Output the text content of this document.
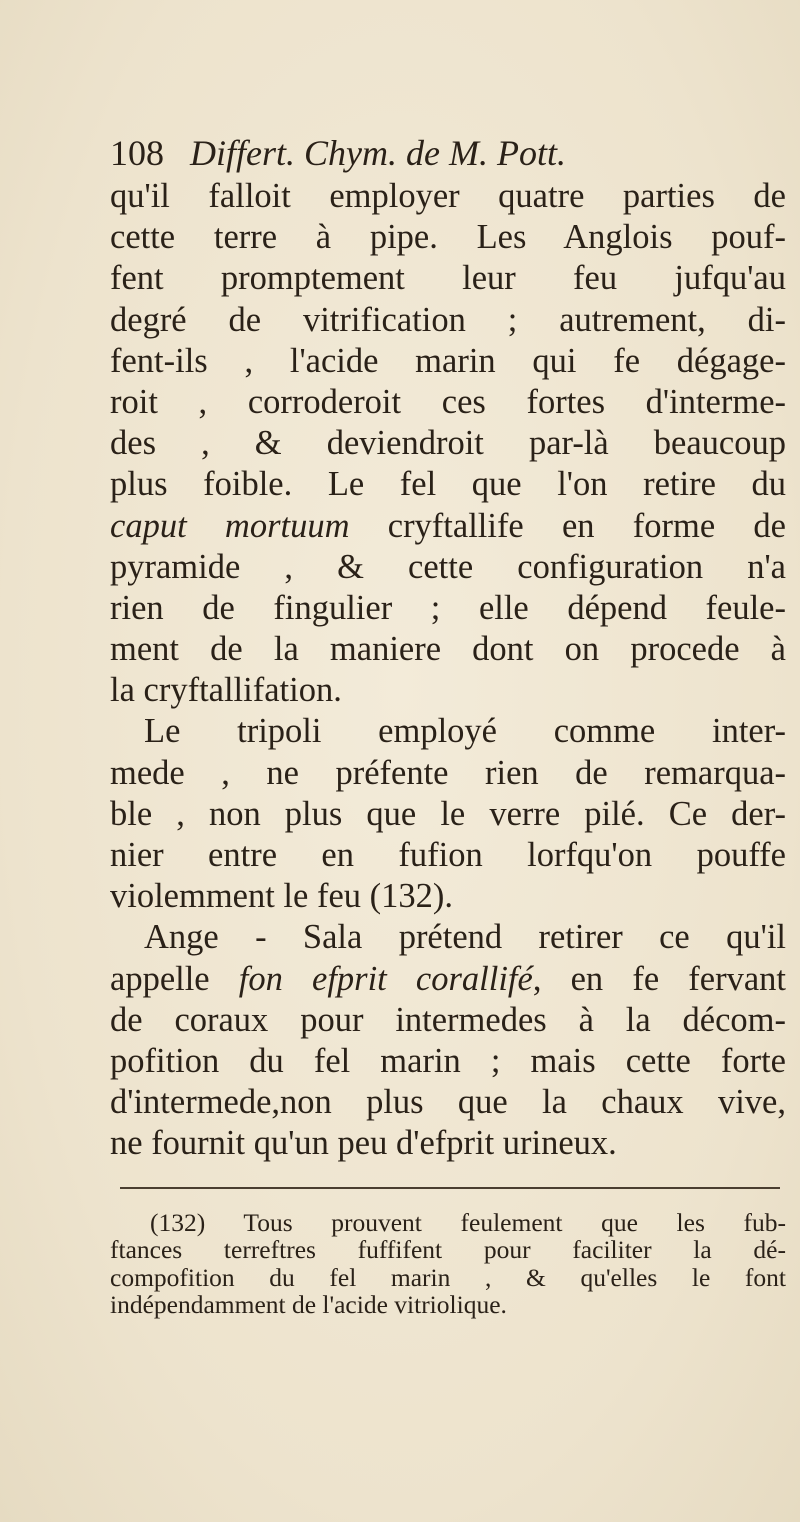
108 Differt. Chym. de M. Pott.
qu'il falloit employer quatre parties de
cette terre à pipe. Les Anglois pouf-
fent promptement leur feu jufqu'au
degré de vitrification ; autrement, di-
fent-ils , l'acide marin qui fe dégage-
roit , corroderoit ces fortes d'interme-
des , & deviendroit par-là beaucoup
plus foible. Le fel que l'on retire du
caput mortuum cryftallife en forme de
pyramide , & cette configuration n'a
rien de fingulier ; elle dépend feule-
ment de la maniere dont on procede à
la cryftallifation.
Le tripoli employé comme inter-
mede , ne préfente rien de remarqua-
ble , non plus que le verre pilé. Ce der-
nier entre en fufion lorfqu'on pouffe
violemment le feu (132).
Ange - Sala prétend retirer ce qu'il
appelle fon efprit corallifé, en fe fervant
de coraux pour intermedes à la décom-
pofition du fel marin ; mais cette forte
d'intermede,non plus que la chaux vive,
ne fournit qu'un peu d'efprit urineux.
(132) Tous prouvent feulement que les fub-
ftances terreftres fuffifent pour faciliter la dé-
compofition du fel marin , & qu'elles le font
indépendamment de l'acide vitriolique.
